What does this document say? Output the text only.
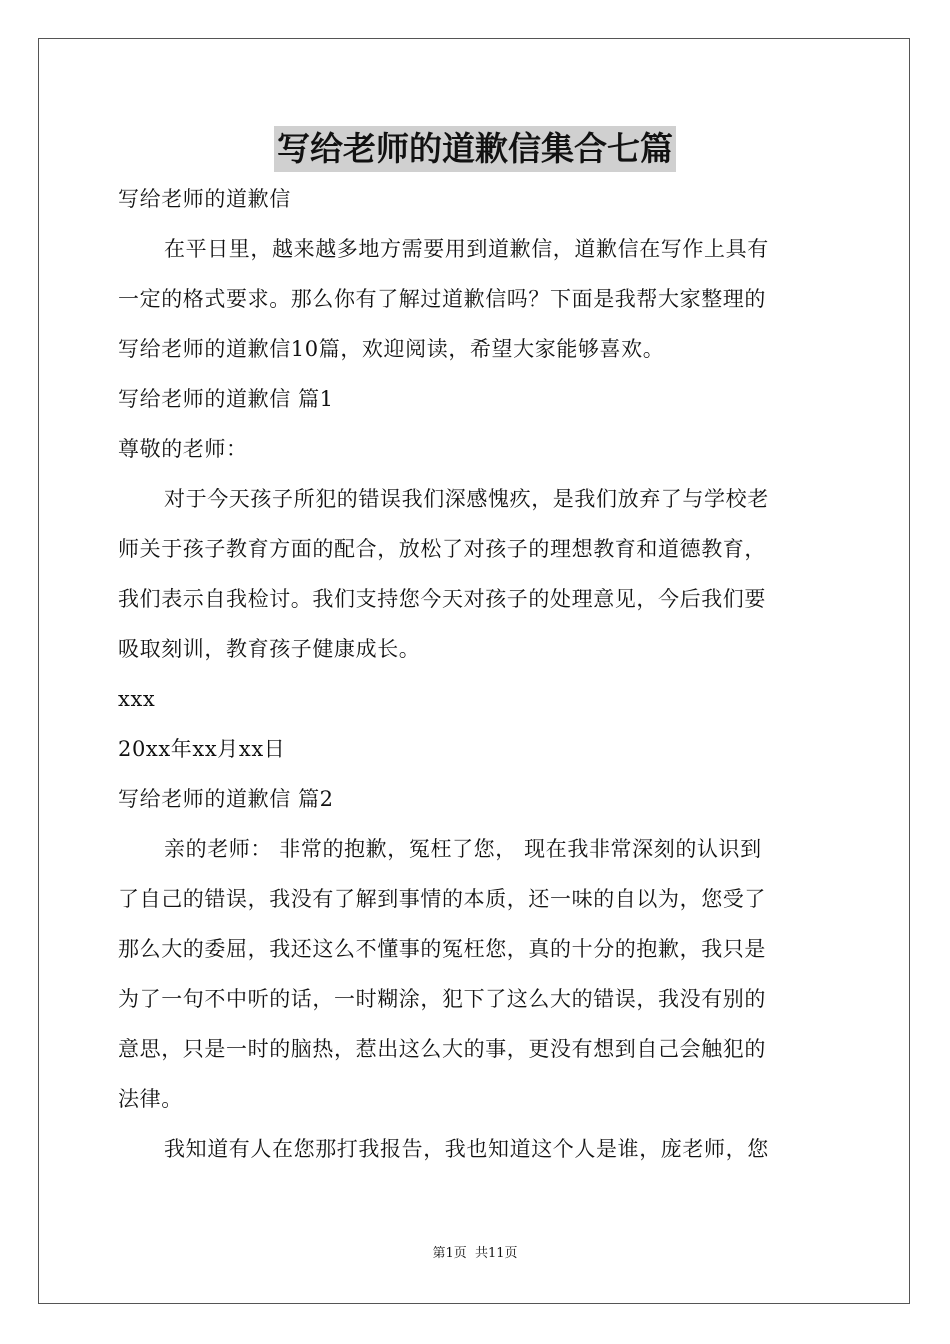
写给老师的道歉信集合七篇
写给老师的道歉信
在平日里，越来越多地方需要用到道歉信，道歉信在写作上具有
一定的格式要求。那么你有了解过道歉信吗？下面是我帮大家整理的
写给老师的道歉信10篇，欢迎阅读，希望大家能够喜欢。
写给老师的道歉信 篇1
尊敬的老师：
对于今天孩子所犯的错误我们深感愧疚，是我们放弃了与学校老
师关于孩子教育方面的配合，放松了对孩子的理想教育和道德教育，
我们表示自我检讨。我们支持您今天对孩子的处理意见，今后我们要
吸取刻训，教育孩子健康成长。
xxx
20xx年xx月xx日
写给老师的道歉信 篇2
亲的老师： 非常的抱歉，冤枉了您， 现在我非常深刻的认识到
了自己的错误，我没有了解到事情的本质，还一味的自以为，您受了
那么大的委屈，我还这么不懂事的冤枉您，真的十分的抱歉，我只是
为了一句不中听的话，一时糊涂，犯下了这么大的错误，我没有别的
意思，只是一时的脑热，惹出这么大的事，更没有想到自己会触犯的
法律。
我知道有人在您那打我报告，我也知道这个人是谁，庞老师，您
第1页 共11页
